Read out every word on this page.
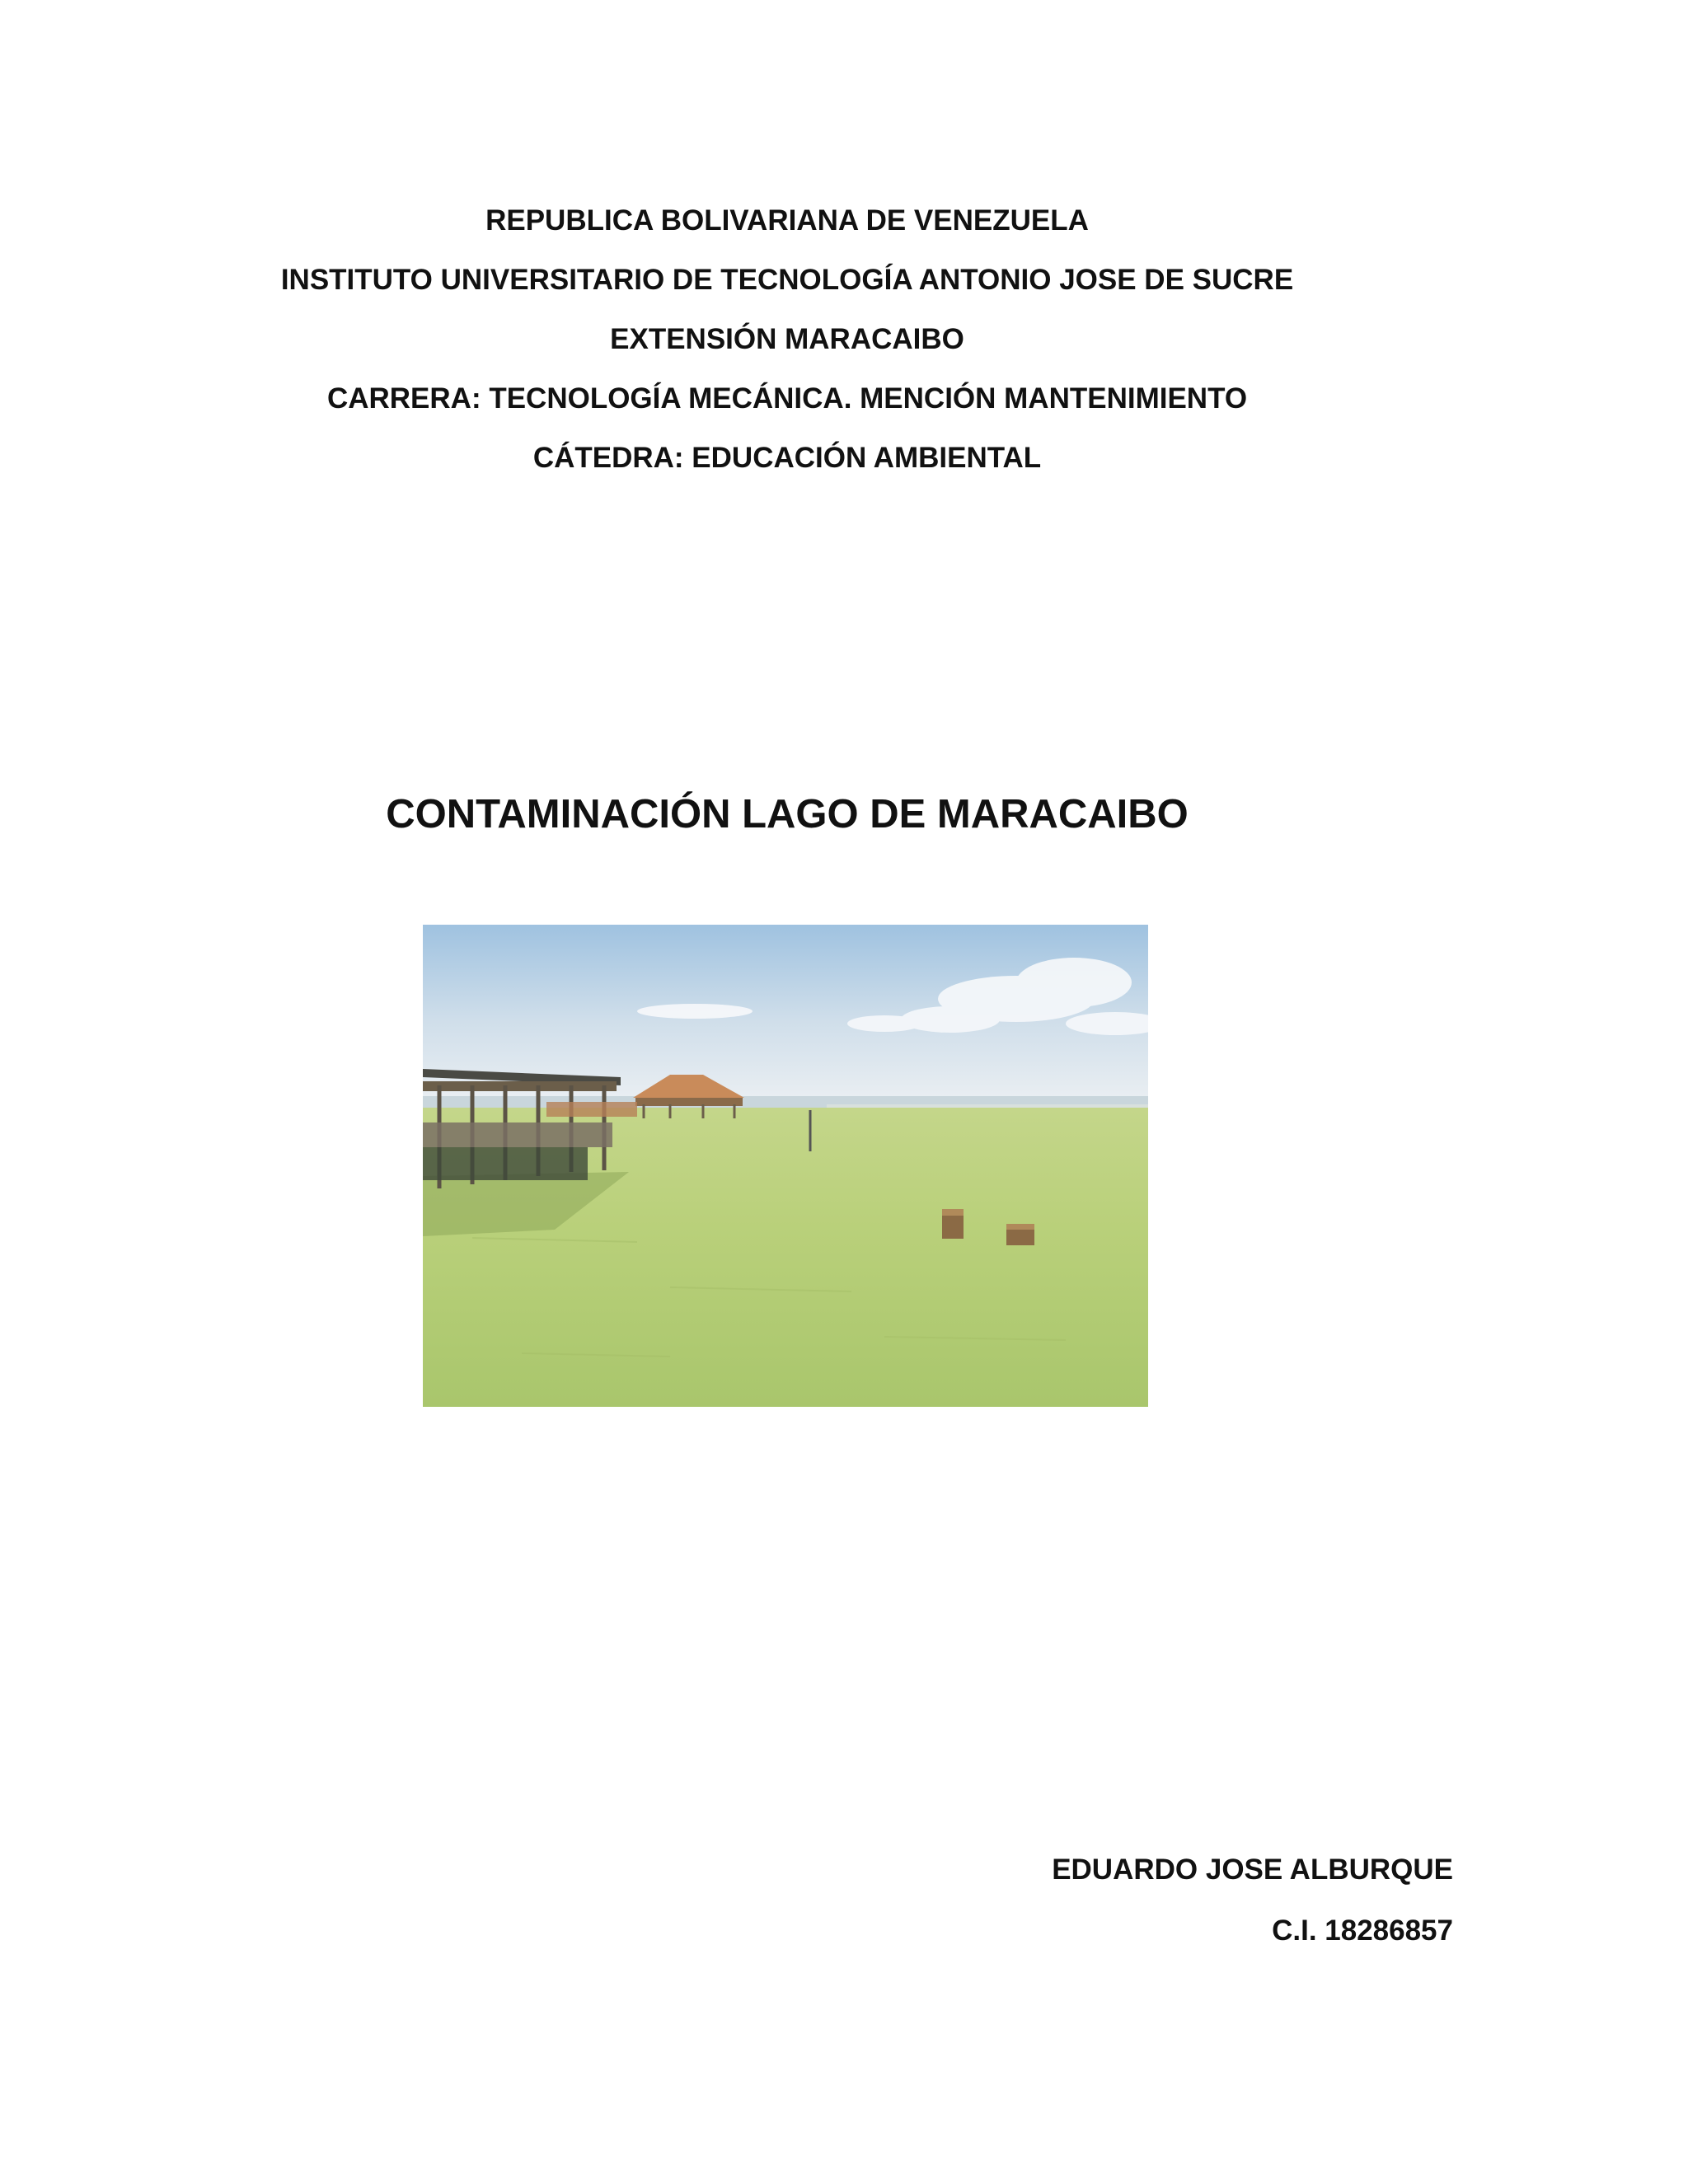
REPUBLICA BOLIVARIANA DE VENEZUELA

INSTITUTO UNIVERSITARIO DE TECNOLOGÍA ANTONIO JOSE DE SUCRE

EXTENSIÓN MARACAIBO

CARRERA: TECNOLOGÍA MECÁNICA. MENCIÓN MANTENIMIENTO

CÁTEDRA: EDUCACIÓN AMBIENTAL

CONTAMINACIÓN LAGO DE MARACAIBO

EDUARDO JOSE ALBURQUE

C.I. 18286857
